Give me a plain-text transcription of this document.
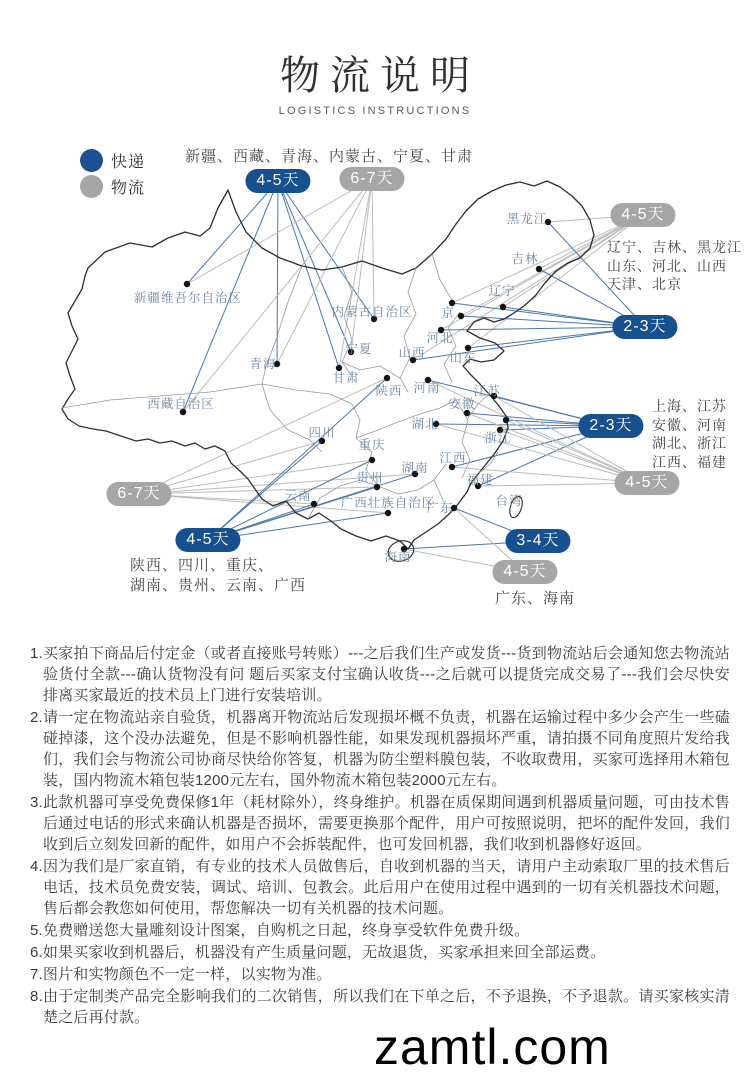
物流说明
LOGISTICS INSTRUCTIONS
新疆维吾尔自治区
西藏自治区
青海
内蒙古自治区
宁夏
甘肃
陕西
黑龙江
吉林
辽宁
京
河北
山西 山东
河南	江苏
安徽
湖北
浙江
四川
重庆
湖南
江西
贵州	福建
云南 广西壮族自治区
广东	台湾
海南
4-5天	6-7天
4-5天
2-3天
2-3天
4-5天
6-7天
4-5天	3-4天
4-5天
新疆、西藏、青海、内蒙古、宁夏、甘肃
辽宁、吉林、黑龙江
山东、河北、山西
天津、北京
上海、江苏
安徽、河南
湖北、浙江
江西、福建
陕西、四川、重庆、
湖南、贵州、云南、广西
广东、海南
快递
物流

1.买家拍下商品后付定金（或者直接账号转账）---之后我们生产或发货---货到物流站后会通知您去物流站验货付全款---确认货物没有问 题后买家支付宝确认收货---之后就可以提货完成交易了---我们会尽快安排离买家最近的技术员上门进行安装培训。

2.请一定在物流站亲自验货，机器离开物流站后发现损坏概不负责，机器在运输过程中多少会产生一些磕碰掉漆，这个没办法避免，但是不影响机器性能，如果发现机器损坏严重，请拍摄不同角度照片发给我们，我们会与物流公司协商尽快给你答复，机器为防尘塑料膜包装，不收取费用，买家可选择用木箱包装，国内物流木箱包装1200元左右，国外物流木箱包装2000元左右。

3.此款机器可享受免费保修1年（耗材除外），终身维护。机器在质保期间遇到机器质量问题，可由技术售后通过电话的形式来确认机器是否损坏，需要更换那个配件，用户可按照说明，把坏的配件发回，我们收到后立刻发回新的配件，如用户不会拆装配件，也可发回机器，我们收到机器修好返回。

4.因为我们是厂家直销，有专业的技术人员做售后，自收到机器的当天，请用户主动索取厂里的技术售后电话，技术员免费安装，调试、培训、包教会。此后用户在使用过程中遇到的一切有关机器技术问题，售后都会教您如何使用，帮您解决一切有关机器的技术问题。

5.免费赠送您大量雕刻设计图案，自购机之日起，终身享受软件免费升级。

6.如果买家收到机器后，机器没有产生质量问题，无故退货，买家承担来回全部运费。

7.图片和实物颜色不一定一样，以实物为准。

8.由于定制类产品完全影响我们的二次销售，所以我们在下单之后，不予退换，不予退款。请买家核实清楚之后再付款。

zamtl.com
